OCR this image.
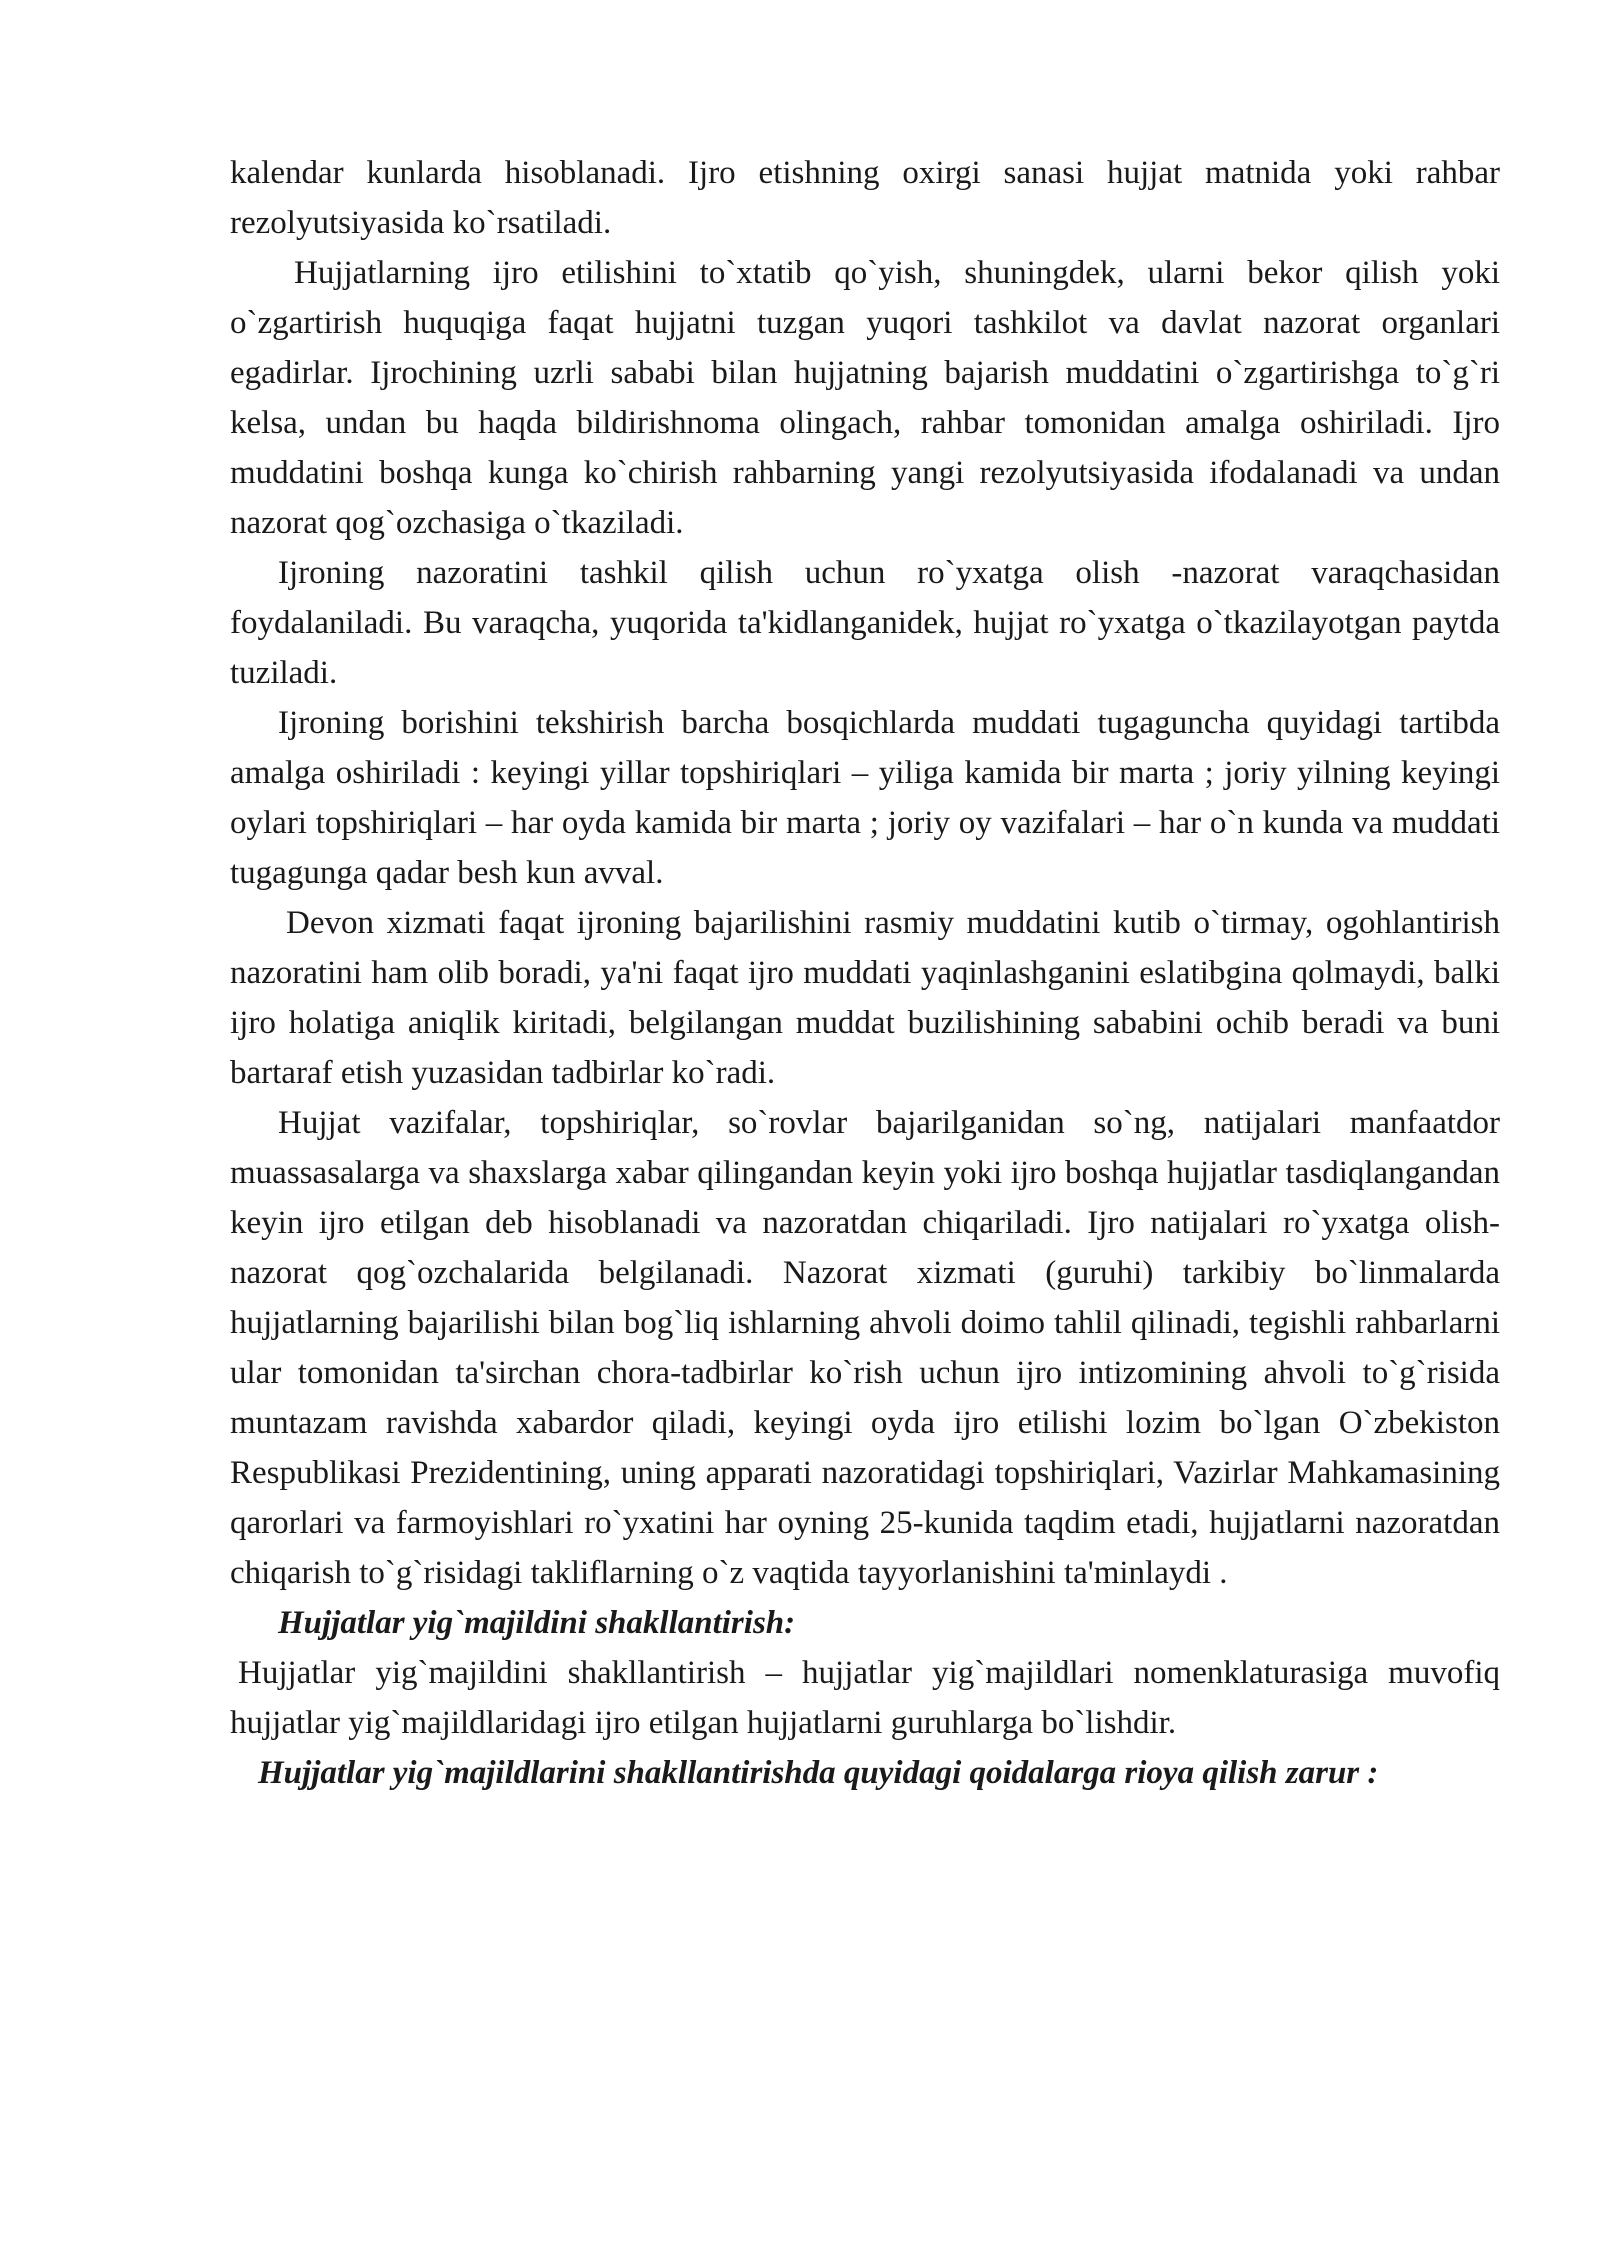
kalendar kunlarda hisoblanadi. Ijro etishning oxirgi sanasi hujjat matnida yoki rahbar rezolyutsiyasida ko`rsatiladi.

Hujjatlarning ijro etilishini to`xtatib qo`yish, shuningdek, ularni bekor qilish yoki o`zgartirish huquqiga faqat hujjatni tuzgan yuqori tashkilot va davlat nazorat organlari egadirlar. Ijrochining uzrli sababi bilan hujjatning bajarish muddatini o`zgartirishga to`g`ri kelsa, undan bu haqda bildirishnoma olingach, rahbar tomonidan amalga oshiriladi. Ijro muddatini boshqa kunga ko`chirish rahbarning yangi rezolyutsiyasida ifodalanadi va undan nazorat qog`ozchasiga o`tkaziladi.

Ijroning nazoratini tashkil qilish uchun ro`yxatga olish -nazorat varaqchasidan foydalaniladi. Bu varaqcha, yuqorida ta'kidlanganidek, hujjat ro`yxatga o`tkazilayotgan paytda tuziladi.

Ijroning borishini tekshirish barcha bosqichlarda muddati tugaguncha quyidagi tartibda amalga oshiriladi : keyingi yillar topshiriqlari – yiliga kamida bir marta ; joriy yilning keyingi oylari topshiriqlari – har oyda kamida bir marta ; joriy oy vazifalari – har o`n kunda va muddati tugagunga qadar besh kun avval.

Devon xizmati faqat ijroning bajarilishini rasmiy muddatini kutib o`tirmay, ogohlantirish nazoratini ham olib boradi, ya'ni faqat ijro muddati yaqinlashganini eslatibgina qolmaydi, balki ijro holatiga aniqlik kiritadi, belgilangan muddat buzilishining sababini ochib beradi va buni bartaraf etish yuzasidan tadbirlar ko`radi.

Hujjat vazifalar, topshiriqlar, so`rovlar bajarilganidan so`ng, natijalari manfaatdor muassasalarga va shaxslarga xabar qilingandan keyin yoki ijro boshqa hujjatlar tasdiqlangandan keyin ijro etilgan deb hisoblanadi va nazoratdan chiqariladi. Ijro natijalari ro`yxatga olish-nazorat qog`ozchalarida belgilanadi. Nazorat xizmati (guruhi) tarkibiy bo`linmalarda hujjatlarning bajarilishi bilan bog`liq ishlarning ahvoli doimo tahlil qilinadi, tegishli rahbarlarni ular tomonidan ta'sirchan chora-tadbirlar ko`rish uchun ijro intizomining ahvoli to`g`risida muntazam ravishda xabardor qiladi, keyingi oyda ijro etilishi lozim bo`lgan O`zbekiston Respublikasi Prezidentining, uning apparati nazoratidagi topshiriqlari, Vazirlar Mahkamasining qarorlari va farmoyishlari ro`yxatini har oyning 25-kunida taqdim etadi, hujjatlarni nazoratdan chiqarish to`g`risidagi takliflarning o`z vaqtida tayyorlanishini ta'minlaydi .

Hujjatlar yig`majildini shakllantirish:

Hujjatlar yig`majildini shakllantirish – hujjatlar yig`majildlari nomenklaturasiga muvofiq hujjatlar yig`majildlaridagi ijro etilgan hujjatlarni guruhlarga bo`lishdir.

Hujjatlar yig`majildlarini shakllantirishda quyidagi qoidalarga rioya qilish zarur :
